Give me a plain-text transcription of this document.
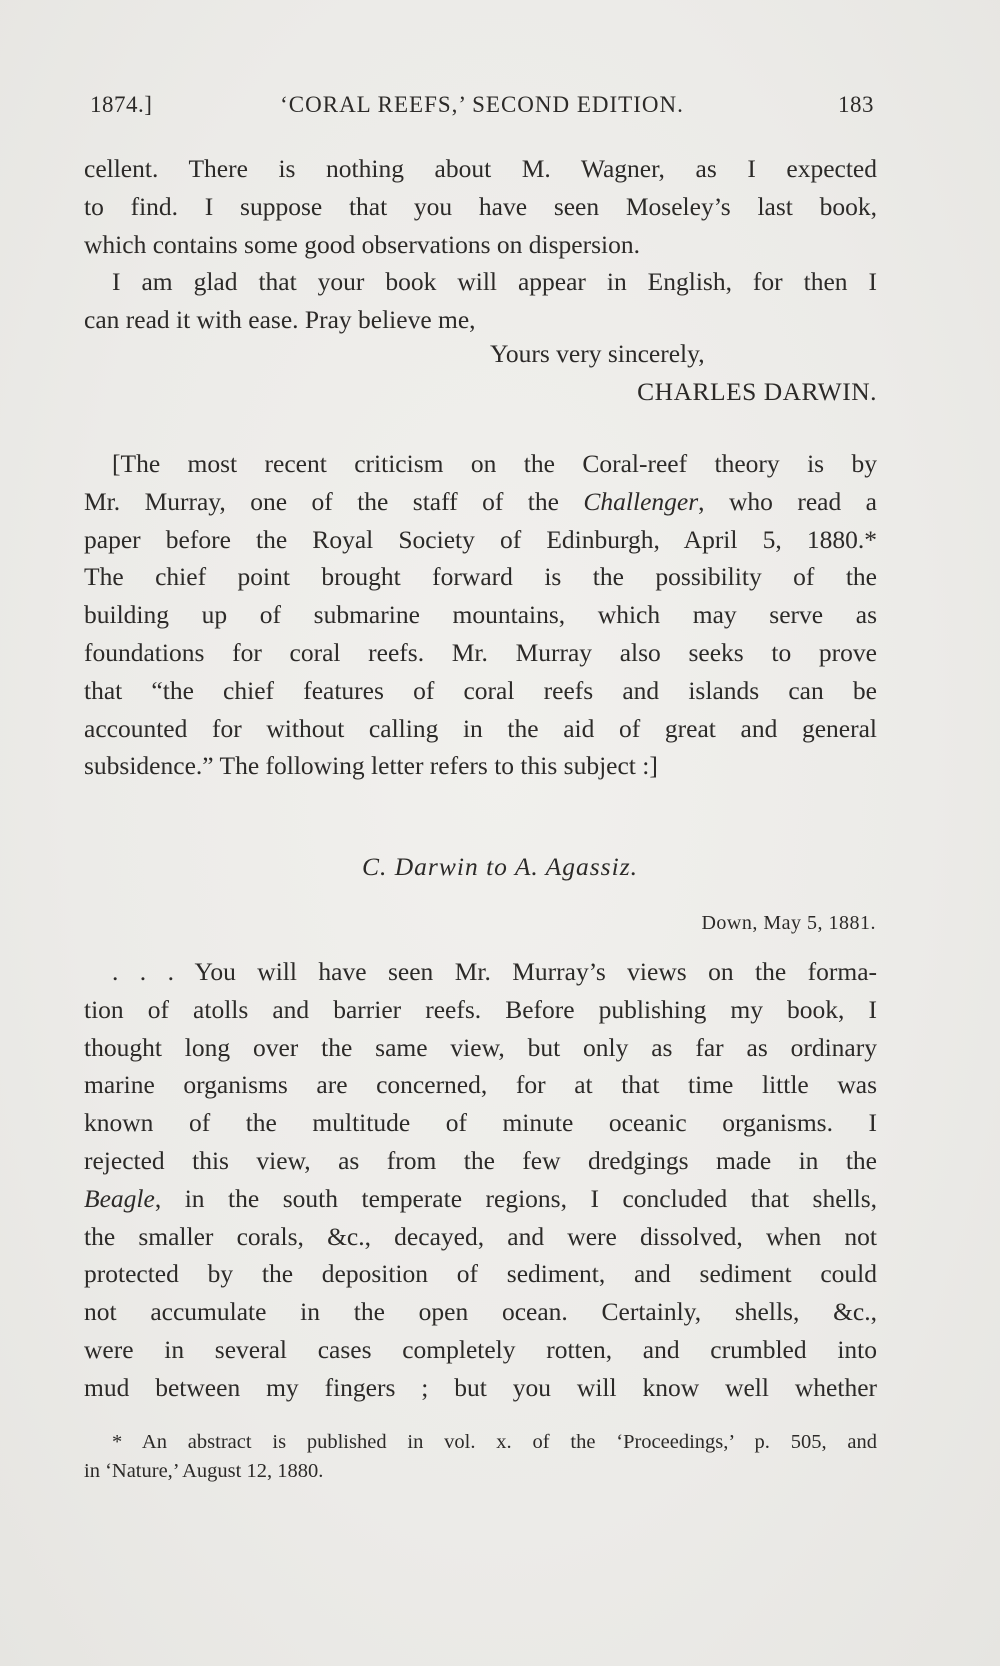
1874.]	‘CORAL REEFS,’ SECOND EDITION.	183
cellent. There is nothing about M. Wagner, as I expected
to find. I suppose that you have seen Moseley’s last book,
which contains some good observations on dispersion.
I am glad that your book will appear in English, for then I
can read it with ease. Pray believe me,
Yours very sincerely,
CHARLES DARWIN.
[The most recent criticism on the Coral-reef theory is by
Mr. Murray, one of the staff of the Challenger, who read a
paper before the Royal Society of Edinburgh, April 5, 1880.*
The chief point brought forward is the possibility of the
building up of submarine mountains, which may serve as
foundations for coral reefs. Mr. Murray also seeks to prove
that “the chief features of coral reefs and islands can be
accounted for without calling in the aid of great and general
subsidence.” The following letter refers to this subject :]
C. Darwin to A. Agassiz.
Down, May 5, 1881.
. . . You will have seen Mr. Murray’s views on the forma-
tion of atolls and barrier reefs. Before publishing my book, I
thought long over the same view, but only as far as ordinary
marine organisms are concerned, for at that time little was
known of the multitude of minute oceanic organisms. I
rejected this view, as from the few dredgings made in the
Beagle, in the south temperate regions, I concluded that shells,
the smaller corals, &c., decayed, and were dissolved, when not
protected by the deposition of sediment, and sediment could
not accumulate in the open ocean. Certainly, shells, &c.,
were in several cases completely rotten, and crumbled into
mud between my fingers ; but you will know well whether
* An abstract is published in vol. x. of the ‘Proceedings,’ p. 505, and
in ‘Nature,’ August 12, 1880.
